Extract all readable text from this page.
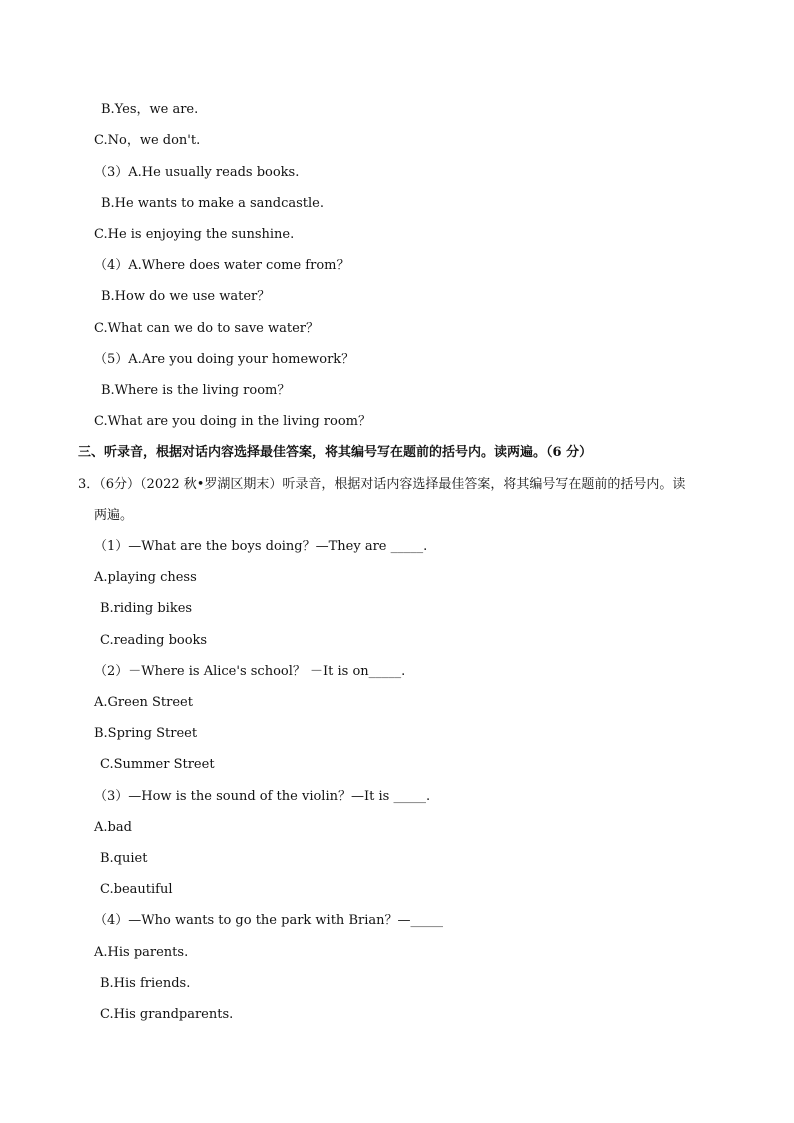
B.Yes，we are.
C.No，we don't.
（3）A.He usually reads books.
B.He wants to make a sandcastle.
C.He is enjoying the sunshine.
（4）A.Where does water come from？
B.How do we use water？
C.What can we do to save water？
（5）A.Are you doing your homework？
B.Where is the living room？
C.What are you doing in the living room？
三、听录音，根据对话内容选择最佳答案，将其编号写在题前的括号内。读两遍。（6 分）
3．（6分）（2022 秋•罗湖区期末）听录音，根据对话内容选择最佳答案，将其编号写在题前的括号内。读
两遍。
（1）—What are the boys doing？—They are _____.
A.playing chess
B.riding bikes
C.reading books
（2）－Where is Alice's school？ －It is on_____.
A.Green Street
B.Spring Street
C.Summer Street
（3）—How is the sound of the violin？—It is _____.
A.bad
B.quiet
C.beautiful
（4）—Who wants to go the park with Brian？—_____
A.His parents.
B.His friends.
C.His grandparents.
